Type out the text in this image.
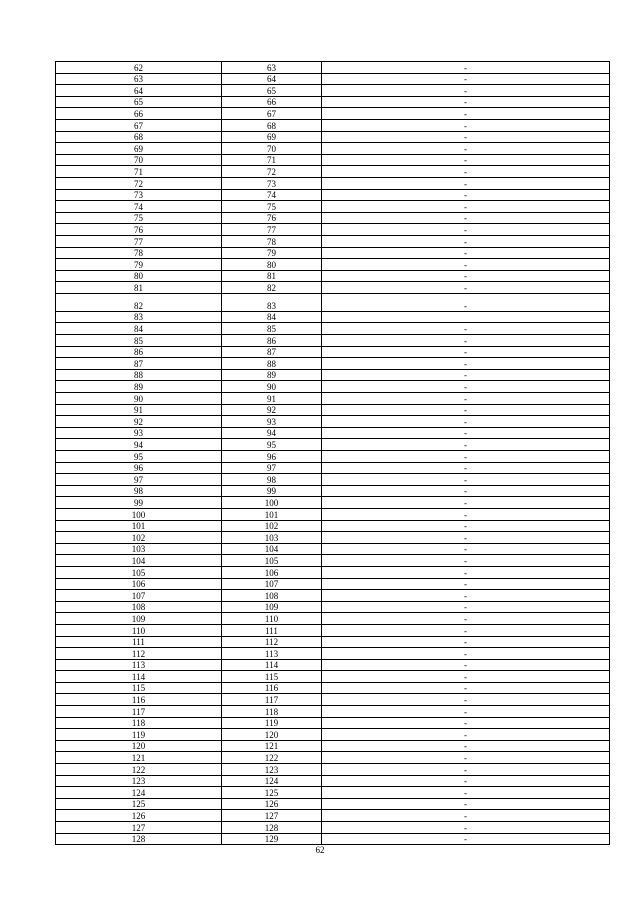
62	63	-
63	64	-
64	65	-
65	66	-
66	67	-
67	68	-
68	69	-
69	70	-
70	71	-
71	72	-
72	73	-
73	74	-
74	75	-
75	76	-
76	77	-
77	78	-
78	79	-
79	80	-
80	81	-
81	82	-
82	83	-
83	84	
84	85	-
85	86	-
86	87	-
87	88	-
88	89	-
89	90	-
90	91	-
91	92	-
92	93	-
93	94	-
94	95	-
95	96	-
96	97	-
97	98	-
98	99	-
99	100	-
100	101	-
101	102	-
102	103	-
103	104	-
104	105	-
105	106	-
106	107	-
107	108	-
108	109	-
109	110	-
110	111	-
111	112	-
112	113	-
113	114	-
114	115	-
115	116	-
116	117	-
117	118	-
118	119	-
119	120	-
120	121	-
121	122	-
122	123	-
123	124	-
124	125	-
125	126	-
126	127	-
127	128	-
128	129	-
62
